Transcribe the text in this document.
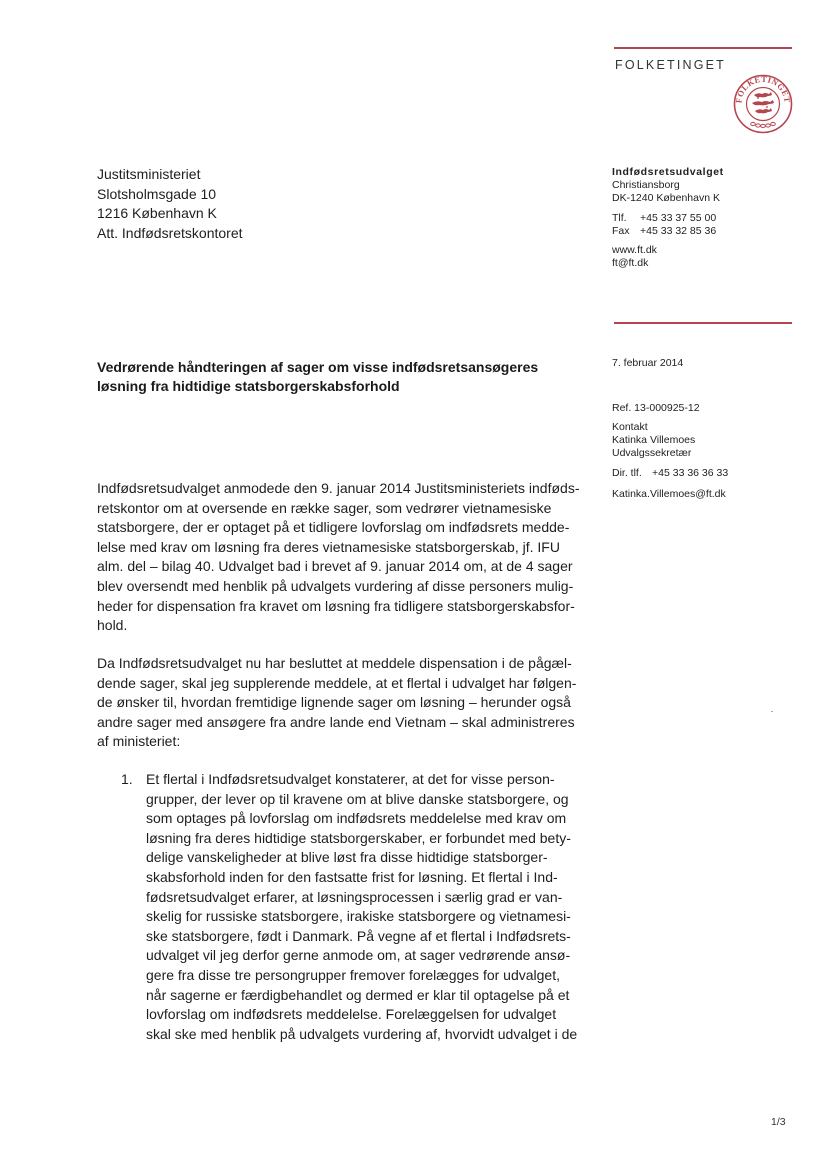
FOLKETINGET
FOLKETINGET
Justitsministeriet
Slotsholmsgade 10
1216 København K
Att. Indfødsretskontoret
Indfødsretsudvalget
Christiansborg
DK-1240 København K
Tlf.	+45 33 37 55 00
Fax +45 33 32 85 36
www.ft.dk
ft@ft.dk
7. februar 2014
Ref. 13-000925-12
Kontakt
Katinka Villemoes
Udvalgssekretær
Dir. tlf. +45 33 36 36 33
Katinka.Villemoes@ft.dk
Vedrørende håndteringen af sager om visse indfødsretsansøgeres
løsning fra hidtidige statsborgerskabsforhold
Indfødsretsudvalget anmodede den 9. januar 2014 Justitsministeriets indføds-
retskontor om at oversende en række sager, som vedrører vietnamesiske
statsborgere, der er optaget på et tidligere lovforslag om indfødsrets medde-
lelse med krav om løsning fra deres vietnamesiske statsborgerskab, jf. IFU
alm. del – bilag 40. Udvalget bad i brevet af 9. januar 2014 om, at de 4 sager
blev oversendt med henblik på udvalgets vurdering af disse personers mulig-
heder for dispensation fra kravet om løsning fra tidligere statsborgerskabsfor-
hold.
Da Indfødsretsudvalget nu har besluttet at meddele dispensation i de pågæl-
dende sager, skal jeg supplerende meddele, at et flertal i udvalget har følgen-
de ønsker til, hvordan fremtidige lignende sager om løsning – herunder også
andre sager med ansøgere fra andre lande end Vietnam – skal administreres
af ministeriet:
1. Et flertal i Indfødsretsudvalget konstaterer, at det for visse person-
grupper, der lever op til kravene om at blive danske statsborgere, og
som optages på lovforslag om indfødsrets meddelelse med krav om
løsning fra deres hidtidige statsborgerskaber, er forbundet med bety-
delige vanskeligheder at blive løst fra disse hidtidige statsborger-
skabsforhold inden for den fastsatte frist for løsning. Et flertal i Ind-
fødsretsudvalget erfarer, at løsningsprocessen i særlig grad er van-
skelig for russiske statsborgere, irakiske statsborgere og vietnamesi-
ske statsborgere, født i Danmark. På vegne af et flertal i Indfødsrets-
udvalget vil jeg derfor gerne anmode om, at sager vedrørende ansø-
gere fra disse tre persongrupper fremover forelægges for udvalget,
når sagerne er færdigbehandlet og dermed er klar til optagelse på et
lovforslag om indfødsrets meddelelse. Forelæggelsen for udvalget
skal ske med henblik på udvalgets vurdering af, hvorvidt udvalget i de
1/3
